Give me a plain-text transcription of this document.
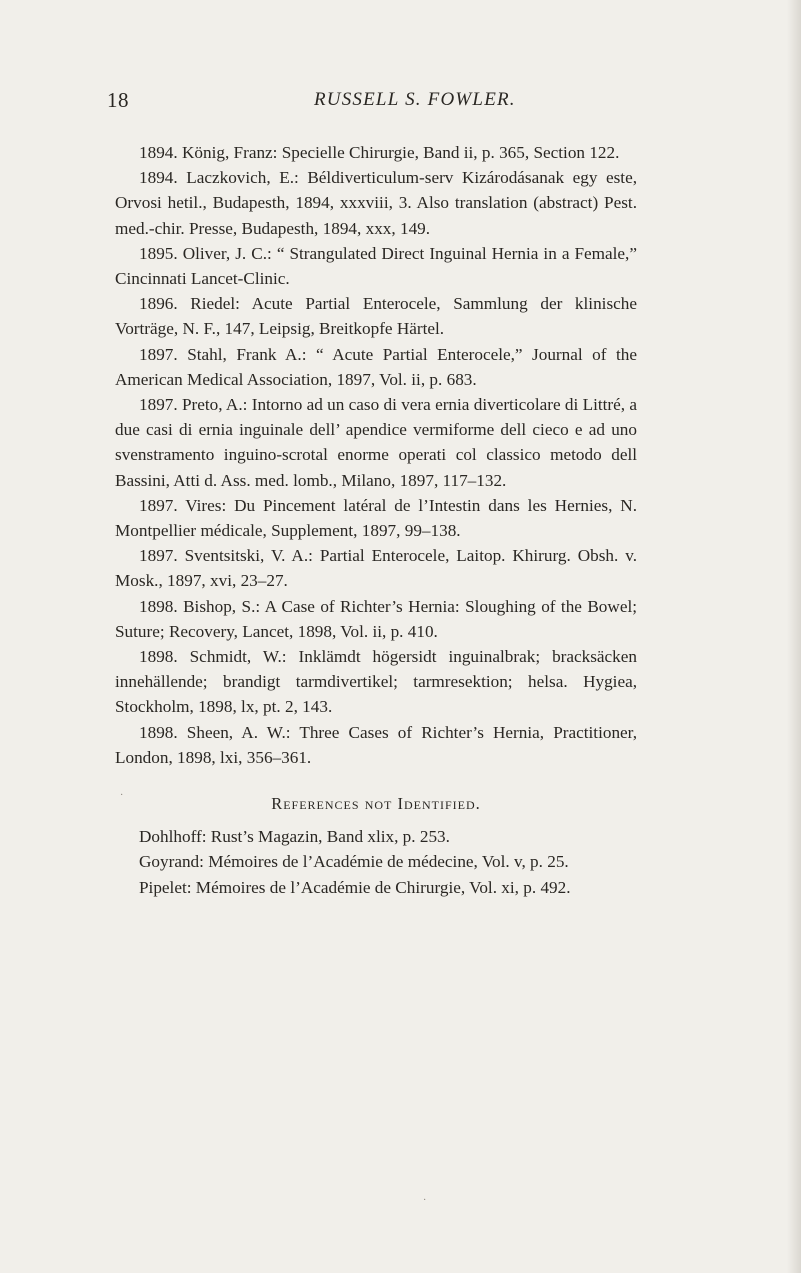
18	RUSSELL S. FOWLER.

1894. König, Franz: Specielle Chirurgie, Band ii, p. 365, Section 122.

1894. Laczkovich, E.: Béldiverticulum-serv Kizárodásanak egy este, Orvosi hetil., Budapesth, 1894, xxxviii, 3. Also translation (abstract) Pest. med.-chir. Presse, Budapesth, 1894, xxx, 149.

1895. Oliver, J. C.: “ Strangulated Direct Inguinal Hernia in a Female,” Cincinnati Lancet-Clinic.

1896. Riedel: Acute Partial Enterocele, Sammlung der klinische Vorträge, N. F., 147, Leipsig, Breitkopfe Härtel.

1897. Stahl, Frank A.: “ Acute Partial Enterocele,” Journal of the American Medical Association, 1897, Vol. ii, p. 683.

1897. Preto, A.: Intorno ad un caso di vera ernia diverticolare di Littré, a due casi di ernia inguinale dell’ apendice vermiforme dell cieco e ad uno svenstramento inguino-scrotal enorme operati col classico metodo dell Bassini, Atti d. Ass. med. lomb., Milano, 1897, 117–132.

1897. Vires: Du Pincement latéral de l’Intestin dans les Hernies, N. Montpellier médicale, Supplement, 1897, 99–138.

1897. Sventsitski, V. A.: Partial Enterocele, Laitop. Khirurg. Obsh. v. Mosk., 1897, xvi, 23–27.

1898. Bishop, S.: A Case of Richter’s Hernia: Sloughing of the Bowel; Suture; Recovery, Lancet, 1898, Vol. ii, p. 410.

1898. Schmidt, W.: Inklämdt högersidt inguinalbrak; bracksäcken innehällende; brandigt tarmdivertikel; tarmresektion; helsa. Hygiea, Stockholm, 1898, lx, pt. 2, 143.

1898. Sheen, A. W.: Three Cases of Richter’s Hernia, Practitioner, London, 1898, lxi, 356–361.

References not Identified.

Dohlhoff: Rust’s Magazin, Band xlix, p. 253.

Goyrand: Mémoires de l’Académie de médecine, Vol. v, p. 25.

Pipelet: Mémoires de l’Académie de Chirurgie, Vol. xi, p. 492.

·
·
